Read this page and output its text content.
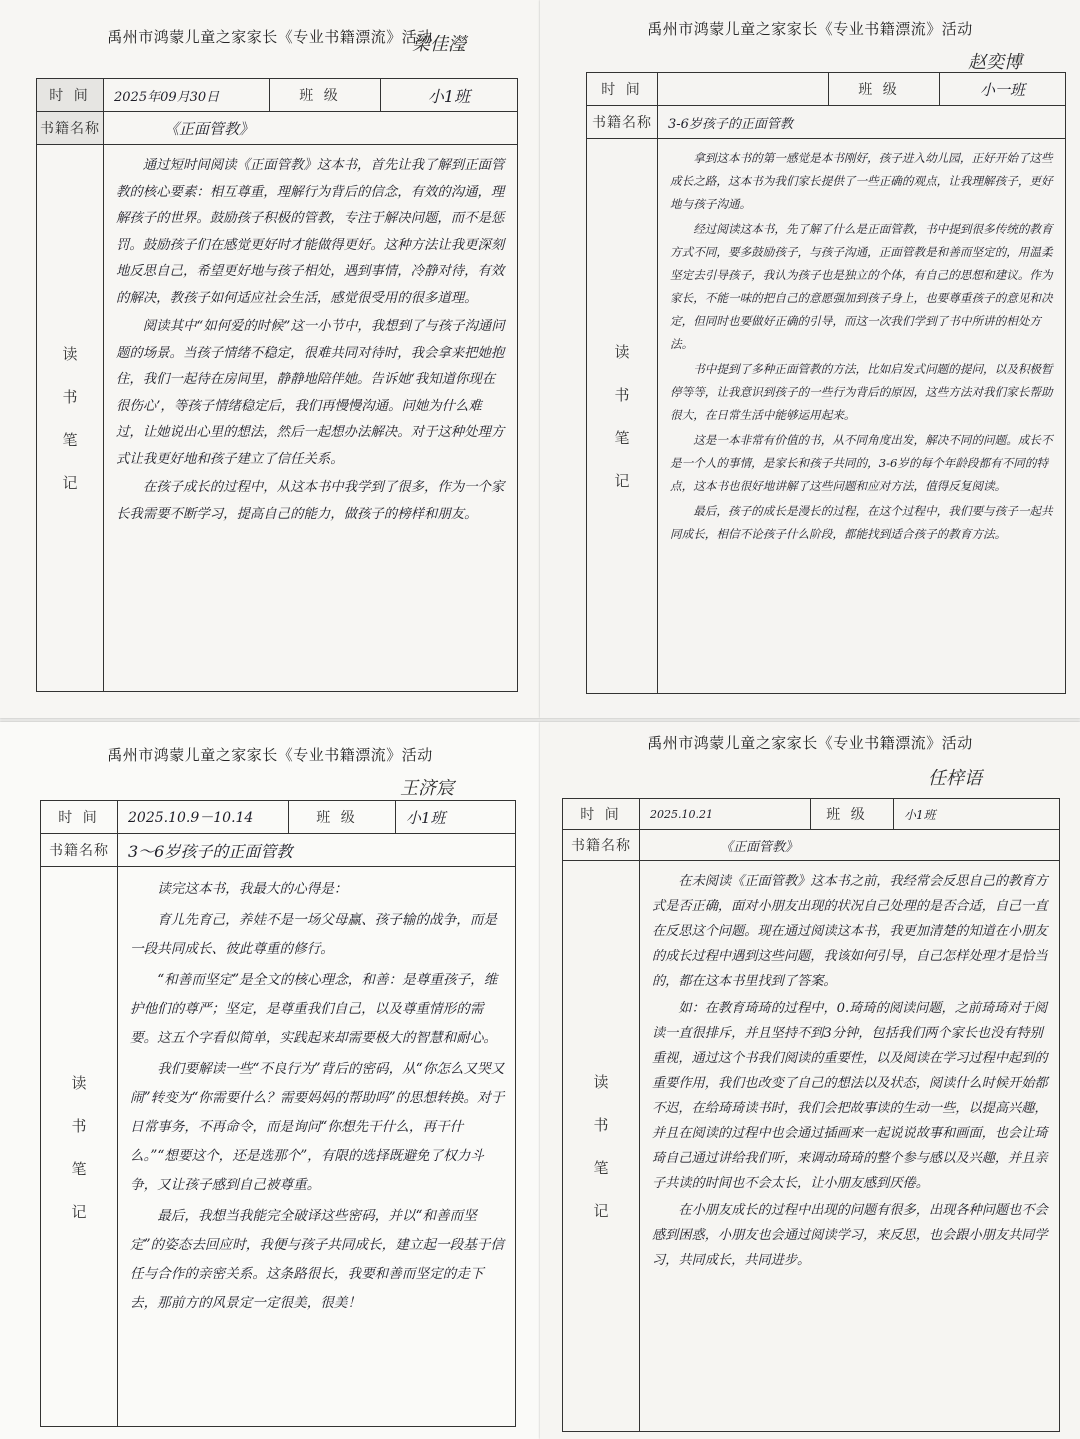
禹州市鸿蒙儿童之家家长《专业书籍漂流》活动
梁佳瀅
时 间 2025年09月30日	班 级	小1班
书籍名称	《正面管教》
读
书
笔
记

通过短时间阅读《正面管教》这本书，首先让我了解到正面管教的核心要素：相互尊重，理解行为背后的信念，有效的沟通，理解孩子的世界。鼓励孩子积极的管教，专注于解决问题，而不是惩罚。鼓励孩子们在感觉更好时才能做得更好。这种方法让我更深刻地反思自己，希望更好地与孩子相处，遇到事情，冷静对待，有效的解决，教孩子如何适应社会生活，感觉很受用的很多道理。

阅读其中“如何爱的时候”这一小节中，我想到了与孩子沟通问题的场景。当孩子情绪不稳定，很难共同对待时，我会拿来把她抱住，我们一起待在房间里，静静地陪伴她。告诉她‘我知道你现在很伤心’，等孩子情绪稳定后，我们再慢慢沟通。问她为什么难过，让她说出心里的想法，然后一起想办法解决。对于这种处理方式让我更好地和孩子建立了信任关系。

在孩子成长的过程中，从这本书中我学到了很多，作为一个家长我需要不断学习，提高自己的能力，做孩子的榜样和朋友。

禹州市鸿蒙儿童之家家长《专业书籍漂流》活动
赵奕博
时 间	班 级	小一班
书籍名称 3-6岁孩子的正面管教
读
书
笔
记

拿到这本书的第一感觉是本书刚好，孩子进入幼儿园，正好开始了这些成长之路，这本书为我们家长提供了一些正确的观点，让我理解孩子，更好地与孩子沟通。

经过阅读这本书，先了解了什么是正面管教，书中提到很多传统的教育方式不同，要多鼓励孩子，与孩子沟通，正面管教是和善而坚定的，用温柔坚定去引导孩子，我认为孩子也是独立的个体，有自己的思想和建议。作为家长，不能一味的把自己的意愿强加到孩子身上，也要尊重孩子的意见和决定，但同时也要做好正确的引导，而这一次我们学到了书中所讲的相处方法。

书中提到了多种正面管教的方法，比如启发式问题的提问，以及积极暂停等等，让我意识到孩子的一些行为背后的原因，这些方法对我们家长帮助很大，在日常生活中能够运用起来。

这是一本非常有价值的书，从不同角度出发，解决不同的问题。成长不是一个人的事情，是家长和孩子共同的，3-6岁的每个年龄段都有不同的特点，这本书也很好地讲解了这些问题和应对方法，值得反复阅读。

最后，孩子的成长是漫长的过程，在这个过程中，我们要与孩子一起共同成长，相信不论孩子什么阶段，都能找到适合孩子的教育方法。

禹州市鸿蒙儿童之家家长《专业书籍漂流》活动
王济宸
时 间 2025.10.9－10.14	班 级	小1班
书籍名称 3～6岁孩子的正面管教
读
书
笔
记

读完这本书，我最大的心得是：

育儿先育己，养娃不是一场父母赢、孩子输的战争，而是一段共同成长、彼此尊重的修行。

“和善而坚定”是全文的核心理念，和善：是尊重孩子，维护他们的尊严；坚定，是尊重我们自己，以及尊重情形的需要。这五个字看似简单，实践起来却需要极大的智慧和耐心。

我们要解读一些“不良行为”背后的密码，从“你怎么又哭又闹”转变为“你需要什么？需要妈妈的帮助吗”的思想转换。对于日常事务，不再命令，而是询问“你想先干什么，再干什么。”“想要这个，还是选那个”，有限的选择既避免了权力斗争，又让孩子感到自己被尊重。

最后，我想当我能完全破译这些密码，并以“和善而坚定”的姿态去回应时，我便与孩子共同成长，建立起一段基于信任与合作的亲密关系。这条路很长，我要和善而坚定的走下去，那前方的风景定一定很美，很美！

禹州市鸿蒙儿童之家家长《专业书籍漂流》活动
任梓语
时 间	2025.10.21	班 级	小1班
书籍名称	《正面管教》
读
书
笔
记

在未阅读《正面管教》这本书之前，我经常会反思自己的教育方式是否正确，面对小朋友出现的状况自己处理的是否合适，自己一直在反思这个问题。现在通过阅读这本书，我更加清楚的知道在小朋友的成长过程中遇到这些问题，我该如何引导，自己怎样处理才是恰当的，都在这本书里找到了答案。

如：在教育琦琦的过程中，0.琦琦的阅读问题，之前琦琦对于阅读一直很排斥，并且坚持不到3分钟，包括我们两个家长也没有特别重视，通过这个书我们阅读的重要性，以及阅读在学习过程中起到的重要作用，我们也改变了自己的想法以及状态，阅读什么时候开始都不迟，在给琦琦读书时，我们会把故事读的生动一些，以提高兴趣，并且在阅读的过程中也会通过插画来一起说说故事和画面，也会让琦琦自己通过讲给我们听，来调动琦琦的整个参与感以及兴趣，并且亲子共读的时间也不会太长，让小朋友感到厌倦。

在小朋友成长的过程中出现的问题有很多，出现各种问题也不会感到困惑，小朋友也会通过阅读学习，来反思，也会跟小朋友共同学习，共同成长，共同进步。
